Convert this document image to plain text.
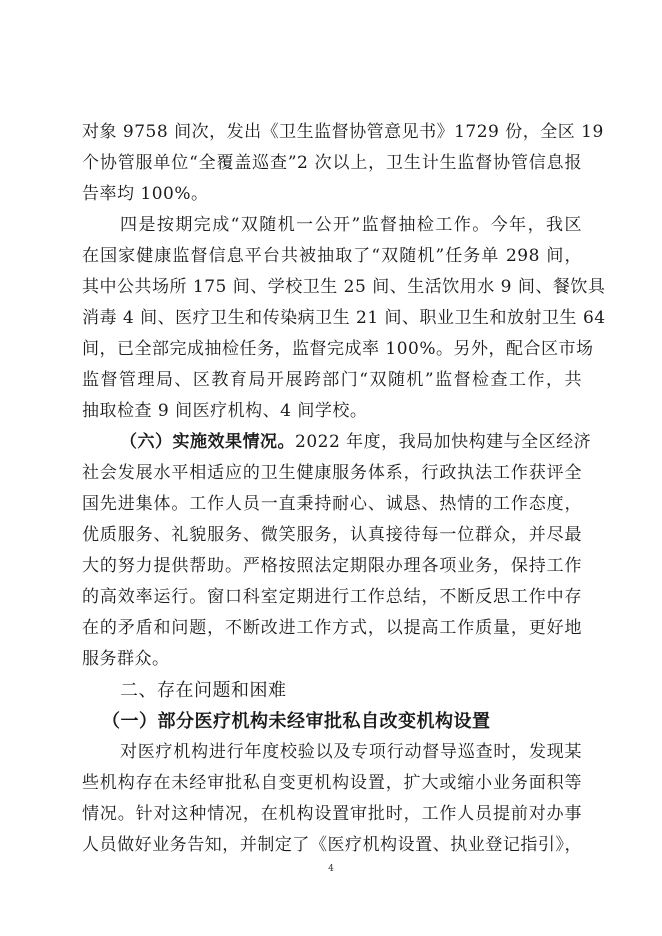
对象 9758 间次，发出《卫生监督协管意见书》1729 份，全区 19
个协管服单位“全覆盖巡查”2 次以上，卫生计生监督协管信息报
告率均 100%。
四是按期完成“双随机一公开”监督抽检工作。今年，我区
在国家健康监督信息平台共被抽取了“双随机”任务单 298 间，
其中公共场所 175 间、学校卫生 25 间、生活饮用水 9 间、餐饮具
消毒 4 间、医疗卫生和传染病卫生 21 间、职业卫生和放射卫生 64
间，已全部完成抽检任务，监督完成率 100%。另外，配合区市场
监督管理局、区教育局开展跨部门“双随机”监督检查工作，共
抽取检查 9 间医疗机构、4 间学校。
（六）实施效果情况。2022 年度，我局加快构建与全区经济
社会发展水平相适应的卫生健康服务体系，行政执法工作获评全
国先进集体。工作人员一直秉持耐心、诚恳、热情的工作态度，
优质服务、礼貌服务、微笑服务，认真接待每一位群众，并尽最
大的努力提供帮助。严格按照法定期限办理各项业务，保持工作
的高效率运行。窗口科室定期进行工作总结，不断反思工作中存
在的矛盾和问题，不断改进工作方式，以提高工作质量，更好地
服务群众。
二、存在问题和困难
（一）部分医疗机构未经审批私自改变机构设置
对医疗机构进行年度校验以及专项行动督导巡查时，发现某
些机构存在未经审批私自变更机构设置，扩大或缩小业务面积等
情况。针对这种情况，在机构设置审批时，工作人员提前对办事
人员做好业务告知，并制定了《医疗机构设置、执业登记指引》，
4
